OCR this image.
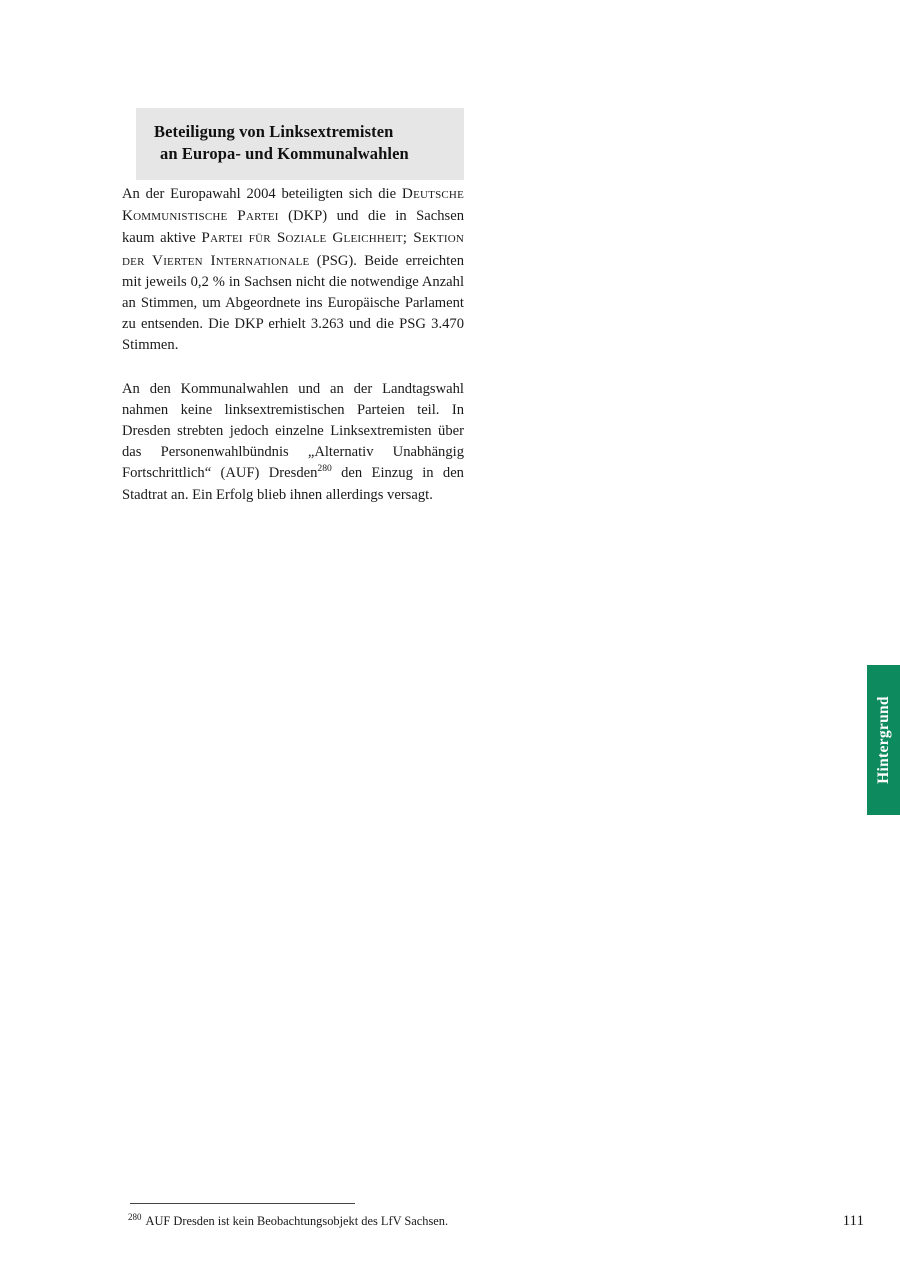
Beteiligung von Linksextremisten
an Europa- und Kommunalwahlen

An der Europawahl 2004 beteiligten sich die Deutsche Kommunistische Partei (DKP) und die in Sachsen kaum aktive Partei für Soziale Gleichheit; Sektion der Vierten Internationale (PSG). Beide erreichten mit jeweils 0,2 % in Sachsen nicht die notwendige Anzahl an Stimmen, um Abgeordnete ins Europäische Parlament zu entsenden. Die DKP erhielt 3.263 und die PSG 3.470 Stimmen.

An den Kommunalwahlen und an der Landtagswahl nahmen keine linksextremistischen Parteien teil. In Dresden strebten jedoch einzelne Linksextremisten über das Personenwahlbündnis „Alternativ Unabhängig Fortschrittlich“ (AUF) Dresden$^{280}$ den Einzug in den Stadtrat an. Ein Erfolg blieb ihnen allerdings versagt.

Hintergrund
$^{280}$ AUF Dresden ist kein Beobachtungsobjekt des LfV Sachsen.	111
